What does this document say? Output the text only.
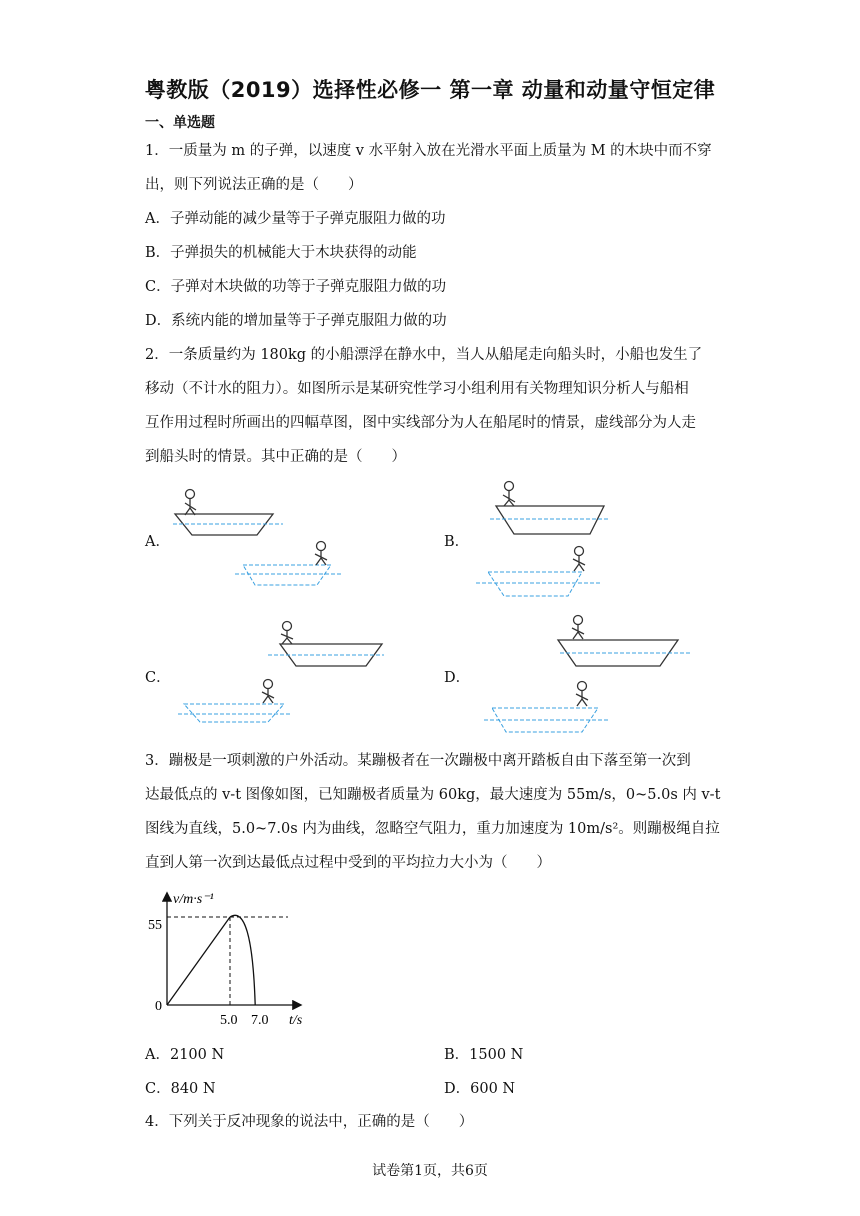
粤教版（2019）选择性必修一 第一章 动量和动量守恒定律
一、单选题
1．一质量为 m 的子弹，以速度 v 水平射入放在光滑水平面上质量为 M 的木块中而不穿
出，则下列说法正确的是（　　）
A．子弹动能的减少量等于子弹克服阻力做的功
B．子弹损失的机械能大于木块获得的动能
C．子弹对木块做的功等于子弹克服阻力做的功
D．系统内能的增加量等于子弹克服阻力做的功
2．一条质量约为 180kg 的小船漂浮在静水中，当人从船尾走向船头时，小船也发生了
移动（不计水的阻力）。如图所示是某研究性学习小组利用有关物理知识分析人与船相
互作用过程时所画出的四幅草图，图中实线部分为人在船尾时的情景，虚线部分为人走
到船头时的情景。其中正确的是（　　）
A．	B．
C．	D．
3．蹦极是一项刺激的户外活动。某蹦极者在一次蹦极中离开踏板自由下落至第一次到
达最低点的 v-t 图像如图，已知蹦极者质量为 60kg，最大速度为 55m/s，0~5.0s 内 v-t
图线为直线，5.0~7.0s 内为曲线，忽略空气阻力，重力加速度为 10m/s²。则蹦极绳自拉
直到人第一次到达最低点过程中受到的平均拉力大小为（　　）
v/m·s⁻¹
55
0
5.0 7.0 t/s
A．2100 N	B．1500 N
C．840 N	D．600 N
4．下列关于反冲现象的说法中，正确的是（　　）
试卷第1页，共6页
